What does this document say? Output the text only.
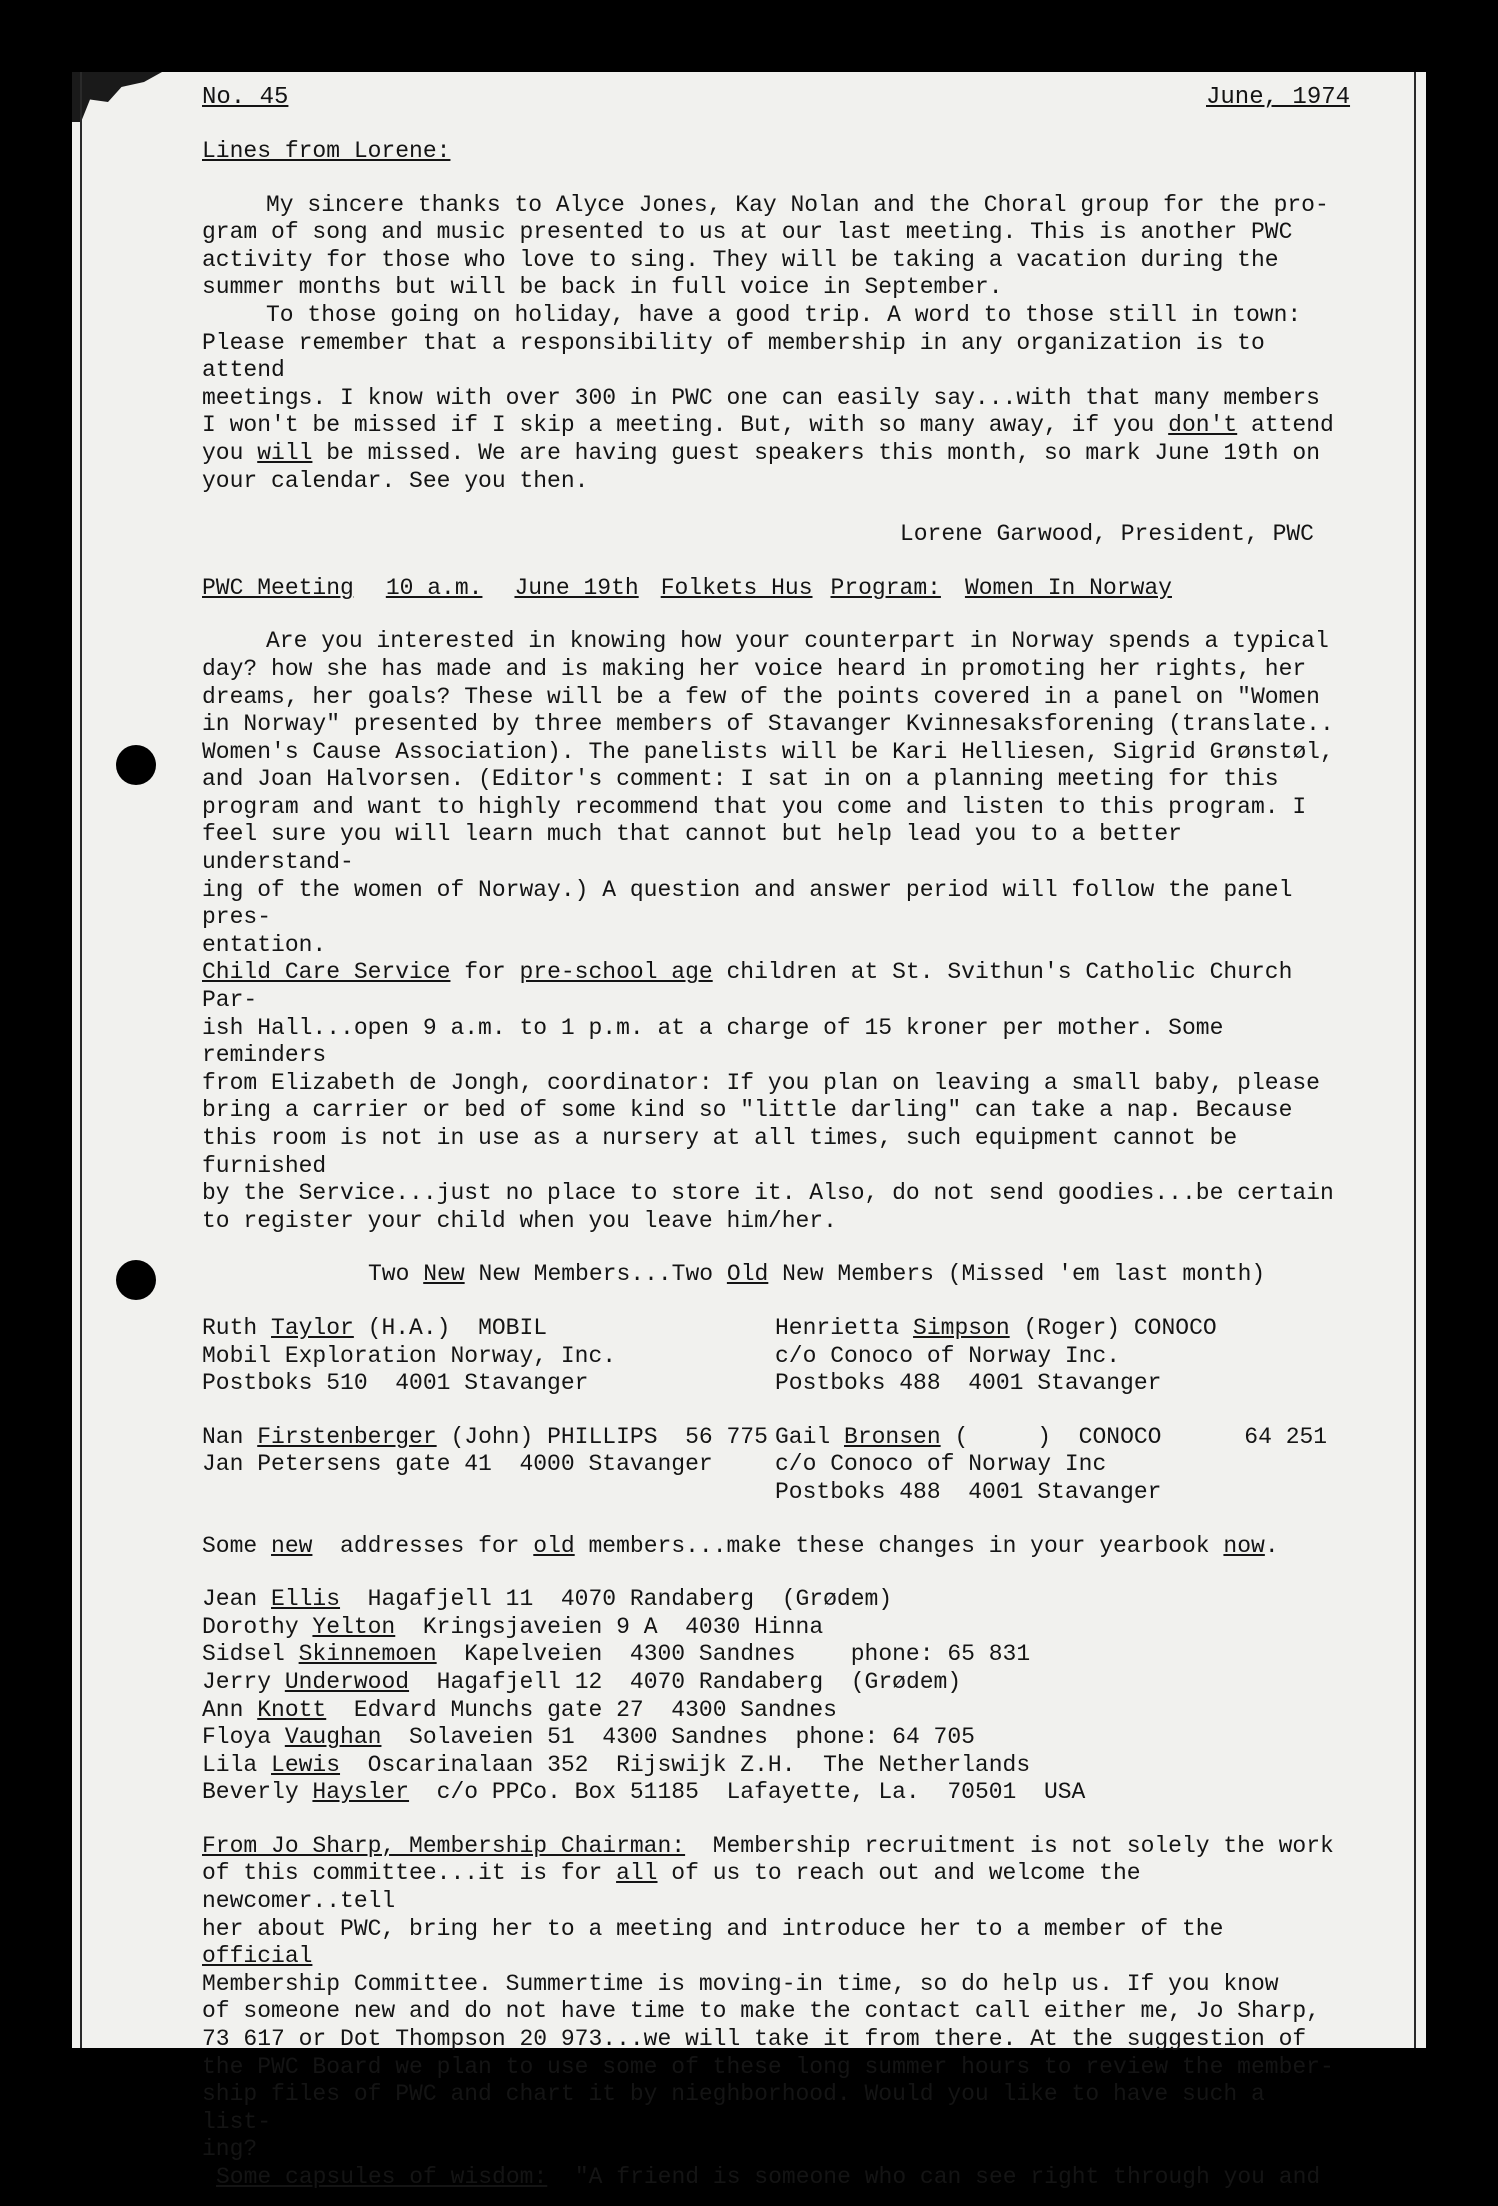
No. 45	June, 1974

Lines from Lorene:

My sincere thanks to Alyce Jones, Kay Nolan and the Choral group for the pro-

gram of song and music presented to us at our last meeting. This is another PWC

activity for those who love to sing. They will be taking a vacation during the

summer months but will be back in full voice in September.

To those going on holiday, have a good trip. A word to those still in town:

Please remember that a responsibility of membership in any organization is to attend

meetings. I know with over 300 in PWC one can easily say...with that many members

I won't be missed if I skip a meeting. But, with so many away, if you don't attend

you will be missed. We are having guest speakers this month, so mark June 19th on

your calendar. See you then.

Lorene Garwood, President, PWC

PWC Meeting 10 a.m. June 19th Folkets Hus Program: Women In Norway

Are you interested in knowing how your counterpart in Norway spends a typical

day? how she has made and is making her voice heard in promoting her rights, her

dreams, her goals? These will be a few of the points covered in a panel on "Women

in Norway" presented by three members of Stavanger Kvinnesaksforening (translate..

Women's Cause Association). The panelists will be Kari Helliesen, Sigrid Grønstøl,

and Joan Halvorsen. (Editor's comment: I sat in on a planning meeting for this

program and want to highly recommend that you come and listen to this program. I

feel sure you will learn much that cannot but help lead you to a better understand-

ing of the women of Norway.) A question and answer period will follow the panel pres-

entation.

Child Care Service for pre-school age children at St. Svithun's Catholic Church Par-

ish Hall...open 9 a.m. to 1 p.m. at a charge of 15 kroner per mother. Some reminders

from Elizabeth de Jongh, coordinator: If you plan on leaving a small baby, please

bring a carrier or bed of some kind so "little darling" can take a nap. Because

this room is not in use as a nursery at all times, such equipment cannot be furnished

by the Service...just no place to store it. Also, do not send goodies...be certain

to register your child when you leave him/her.

Two New New Members...Two Old New Members (Missed 'em last month)

Ruth Taylor (H.A.)  MOBIL

Mobil Exploration Norway, Inc.

Postboks 510  4001 Stavanger

Henrietta Simpson (Roger) CONOCO

c/o Conoco of Norway Inc.

Postboks 488  4001 Stavanger

Nan Firstenberger (John) PHILLIPS  56 775

Jan Petersens gate 41  4000 Stavanger

Gail Bronsen (     )  CONOCO      64 251

c/o Conoco of Norway Inc

Postboks 488  4001 Stavanger

Some new  addresses for old members...make these changes in your yearbook now.

Jean Ellis  Hagafjell 11  4070 Randaberg  (Grødem)

Dorothy Yelton  Kringsjaveien 9 A  4030 Hinna

Sidsel Skinnemoen  Kapelveien  4300 Sandnes    phone: 65 831

Jerry Underwood  Hagafjell 12  4070 Randaberg  (Grødem)

Ann Knott  Edvard Munchs gate 27  4300 Sandnes

Floya Vaughan  Solaveien 51  4300 Sandnes  phone: 64 705

Lila Lewis  Oscarinalaan 352  Rijswijk Z.H.  The Netherlands

Beverly Haysler  c/o PPCo. Box 51185  Lafayette, La.  70501  USA

From Jo Sharp, Membership Chairman:  Membership recruitment is not solely the work

of this committee...it is for all of us to reach out and welcome the newcomer..tell

her about PWC, bring her to a meeting and introduce her to a member of the official

Membership Committee. Summertime is moving-in time, so do help us. If you know

of someone new and do not have time to make the contact call either me, Jo Sharp,

73 617 or Dot Thompson 20 973...we will take it from there. At the suggestion of

the PWC Board we plan to use some of these long summer hours to review the member-

ship files of PWC and chart it by nieghborhood. Would you like to have such a list-

ing?

Some capsules of wisdom:  "A friend is someone who can see right through you and
